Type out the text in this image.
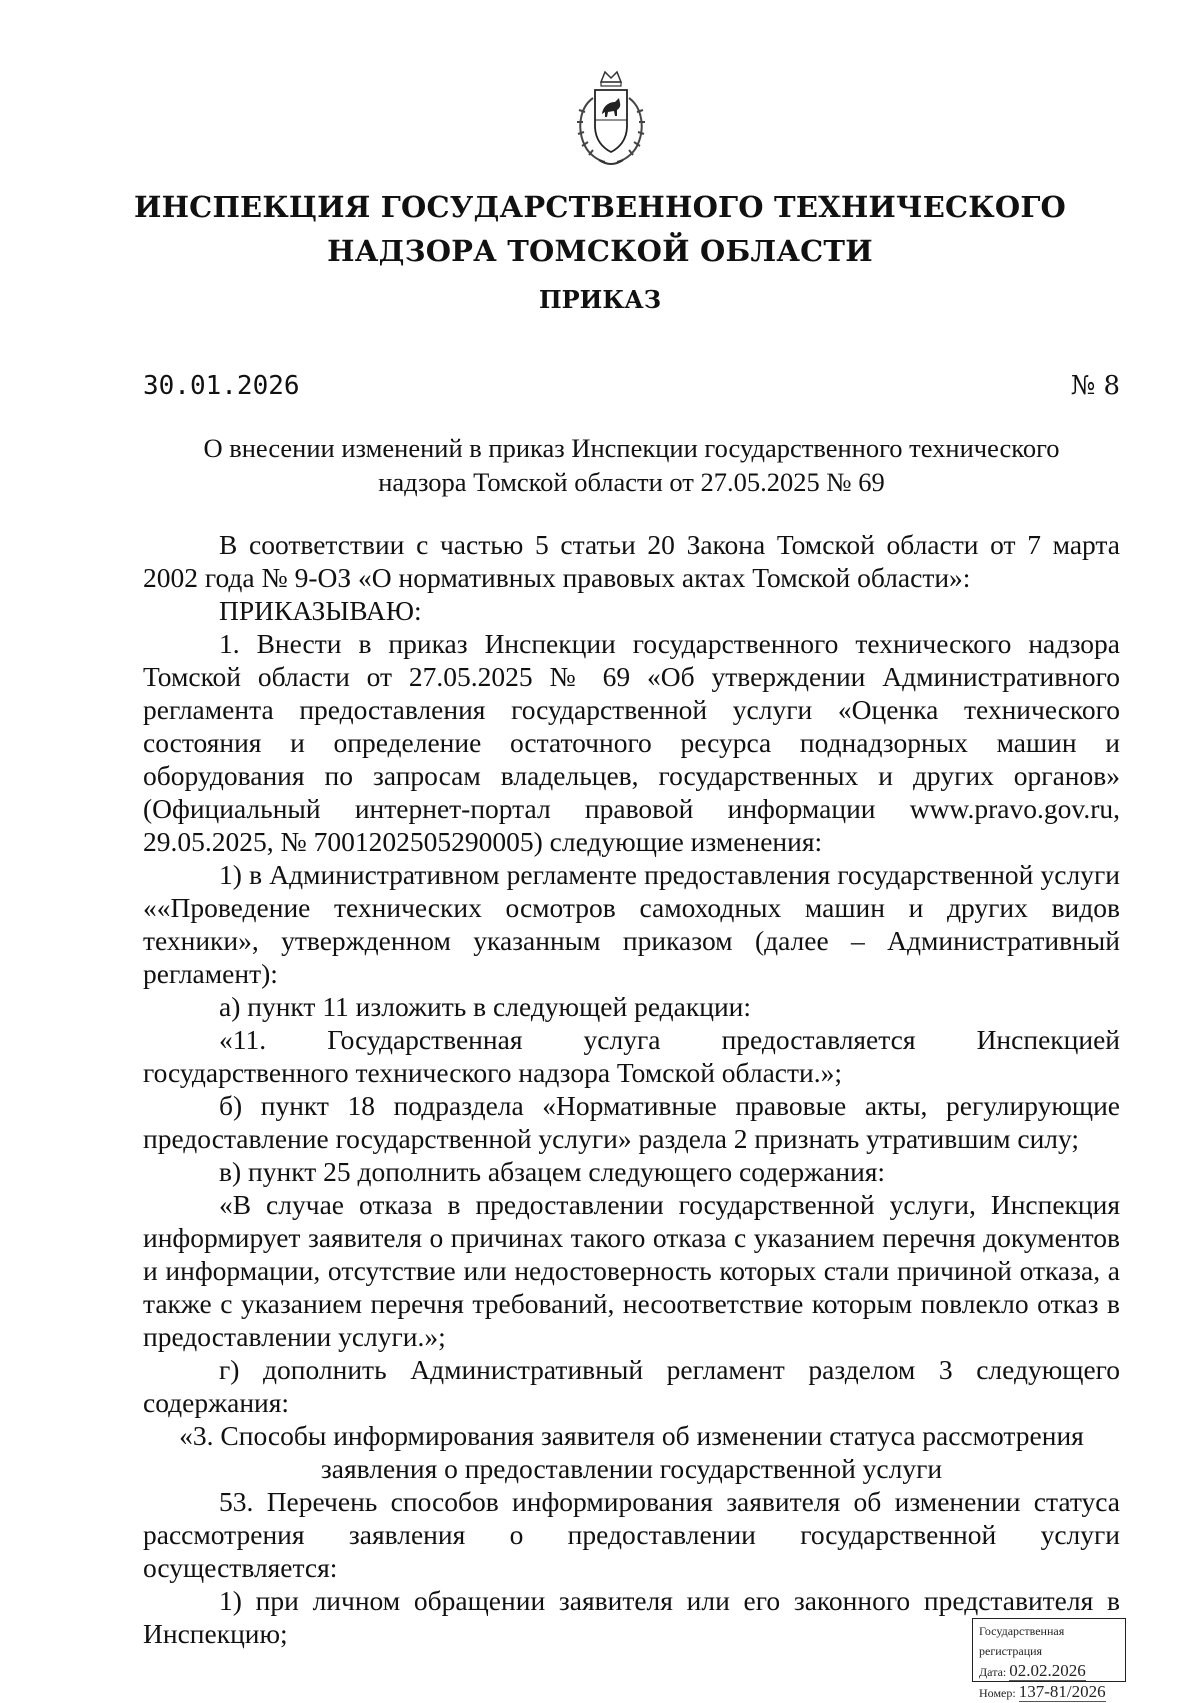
ИНСПЕКЦИЯ ГОСУДАРСТВЕННОГО ТЕХНИЧЕСКОГО
НАДЗОРА ТОМСКОЙ ОБЛАСТИ
ПРИКАЗ
30.01.2026	№ 8
О внесении изменений в приказ Инспекции государственного технического
надзора Томской области от 27.05.2025 № 69

В соответствии с частью 5 статьи 20 Закона Томской области от 7 марта 2002 года № 9-ОЗ «О нормативных правовых актах Томской области»:

ПРИКАЗЫВАЮ:

1. Внести в приказ Инспекции государственного технического надзора Томской области от 27.05.2025 № 69 «Об утверждении Административного регламента предоставления государственной услуги «Оценка технического состояния и определение остаточного ресурса поднадзорных машин и оборудования по запросам владельцев, государственных и других органов» (Официальный интернет-портал правовой информации www.pravo.gov.ru, 29.05.2025, № 7001202505290005) следующие изменения:

1) в Административном регламенте предоставления государственной услуги ««Проведение технических осмотров самоходных машин и других видов техники», утвержденном указанным приказом (далее – Административный регламент):

а) пункт 11 изложить в следующей редакции:

«11. Государственная услуга предоставляется Инспекцией

государственного технического надзора Томской области.»;

б) пункт 18 подраздела «Нормативные правовые акты, регулирующие предоставление государственной услуги» раздела 2 признать утратившим силу;

в) пункт 25 дополнить абзацем следующего содержания:

«В случае отказа в предоставлении государственной услуги, Инспекция информирует заявителя о причинах такого отказа с указанием перечня документов и информации, отсутствие или недостоверность которых стали причиной отказа, а также с указанием перечня требований, несоответствие которым повлекло отказ в предоставлении услуги.»;

г) дополнить Административный регламент разделом 3 следующего содержания:

«3. Способы информирования заявителя об изменении статуса рассмотрения

заявления о предоставлении государственной услуги

53. Перечень способов информирования заявителя об изменении статуса рассмотрения заявления о предоставлении государственной услуги осуществляется:

1) при личном обращении заявителя или его законного представителя в Инспекцию;	Государственная регистрация
Дата: 02.02.2026
Номер: 137-81/2026
